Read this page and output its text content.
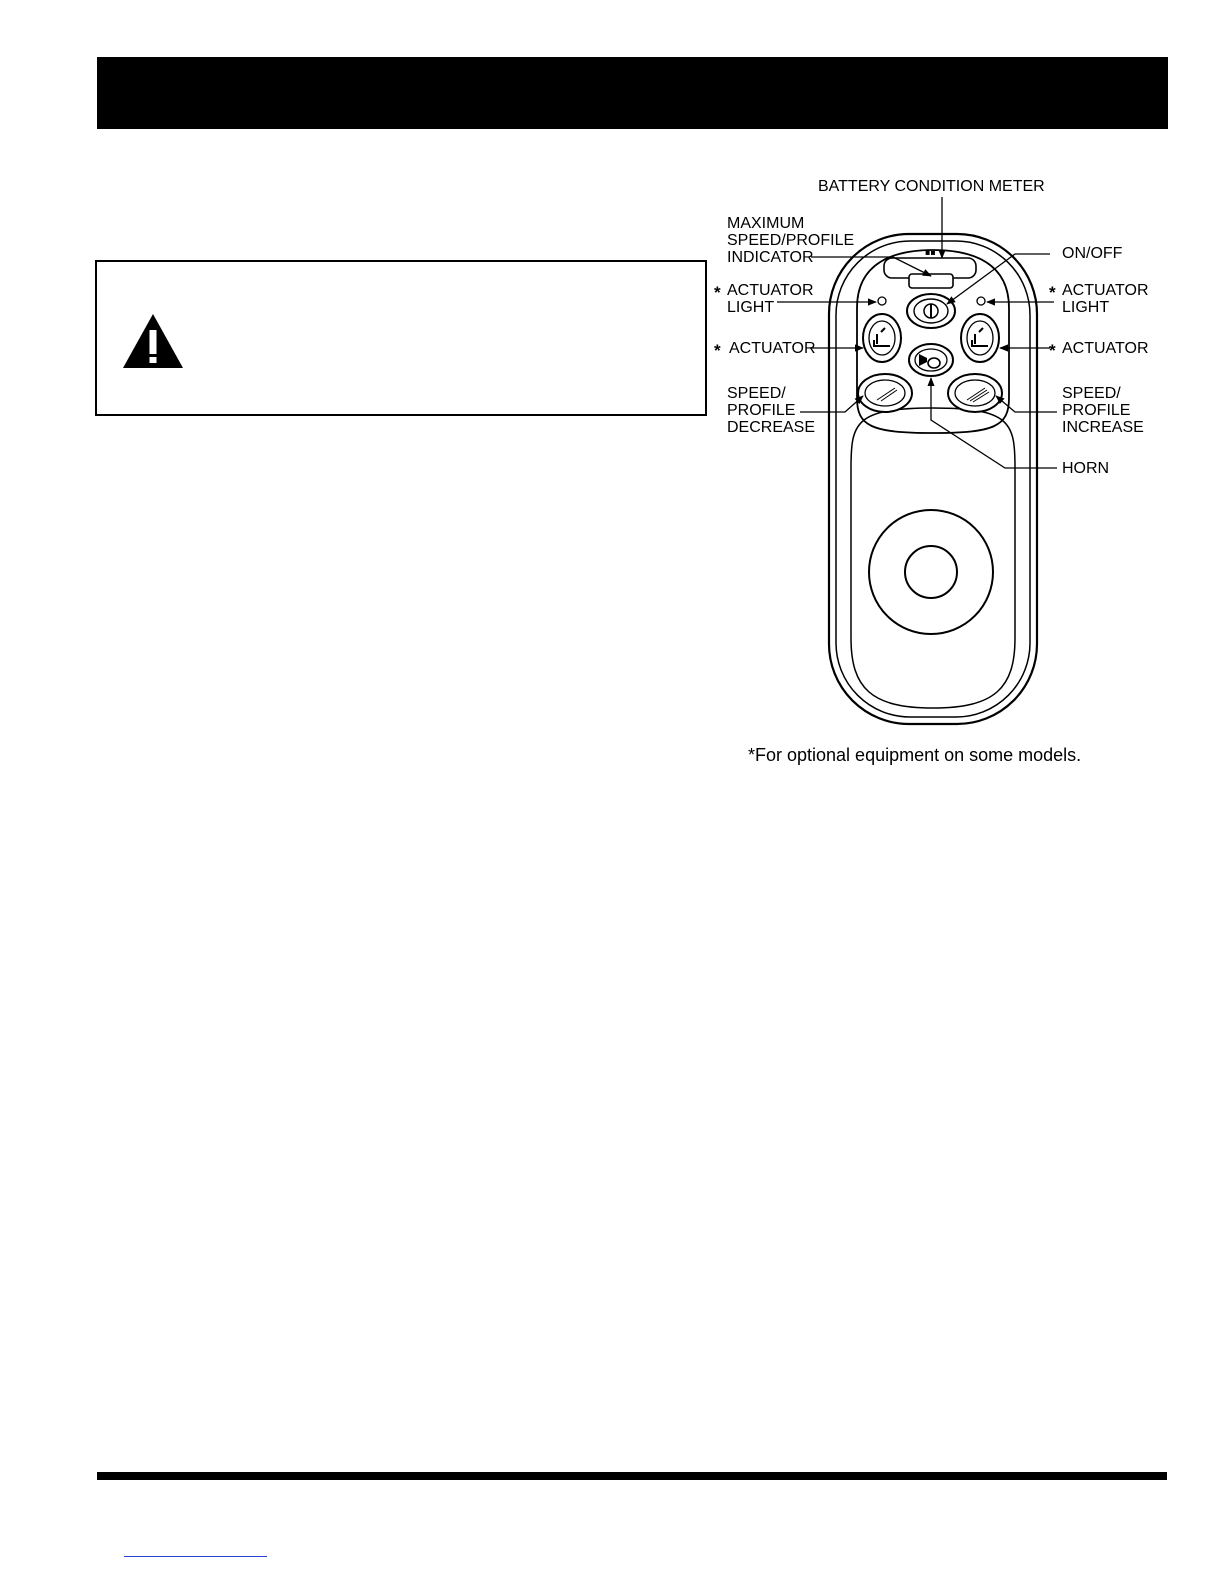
▪▪
BATTERY CONDITION METER
MAXIMUM
SPEED/PROFILE
INDICATOR	ON/OFF
* ACTUATOR
LIGHT
* ACTUATOR
LIGHT
* ACTUATOR	* ACTUATOR
SPEED/
PROFILE
DECREASE
SPEED/
PROFILE
INCREASE
HORN
*For optional equipment on some models.
